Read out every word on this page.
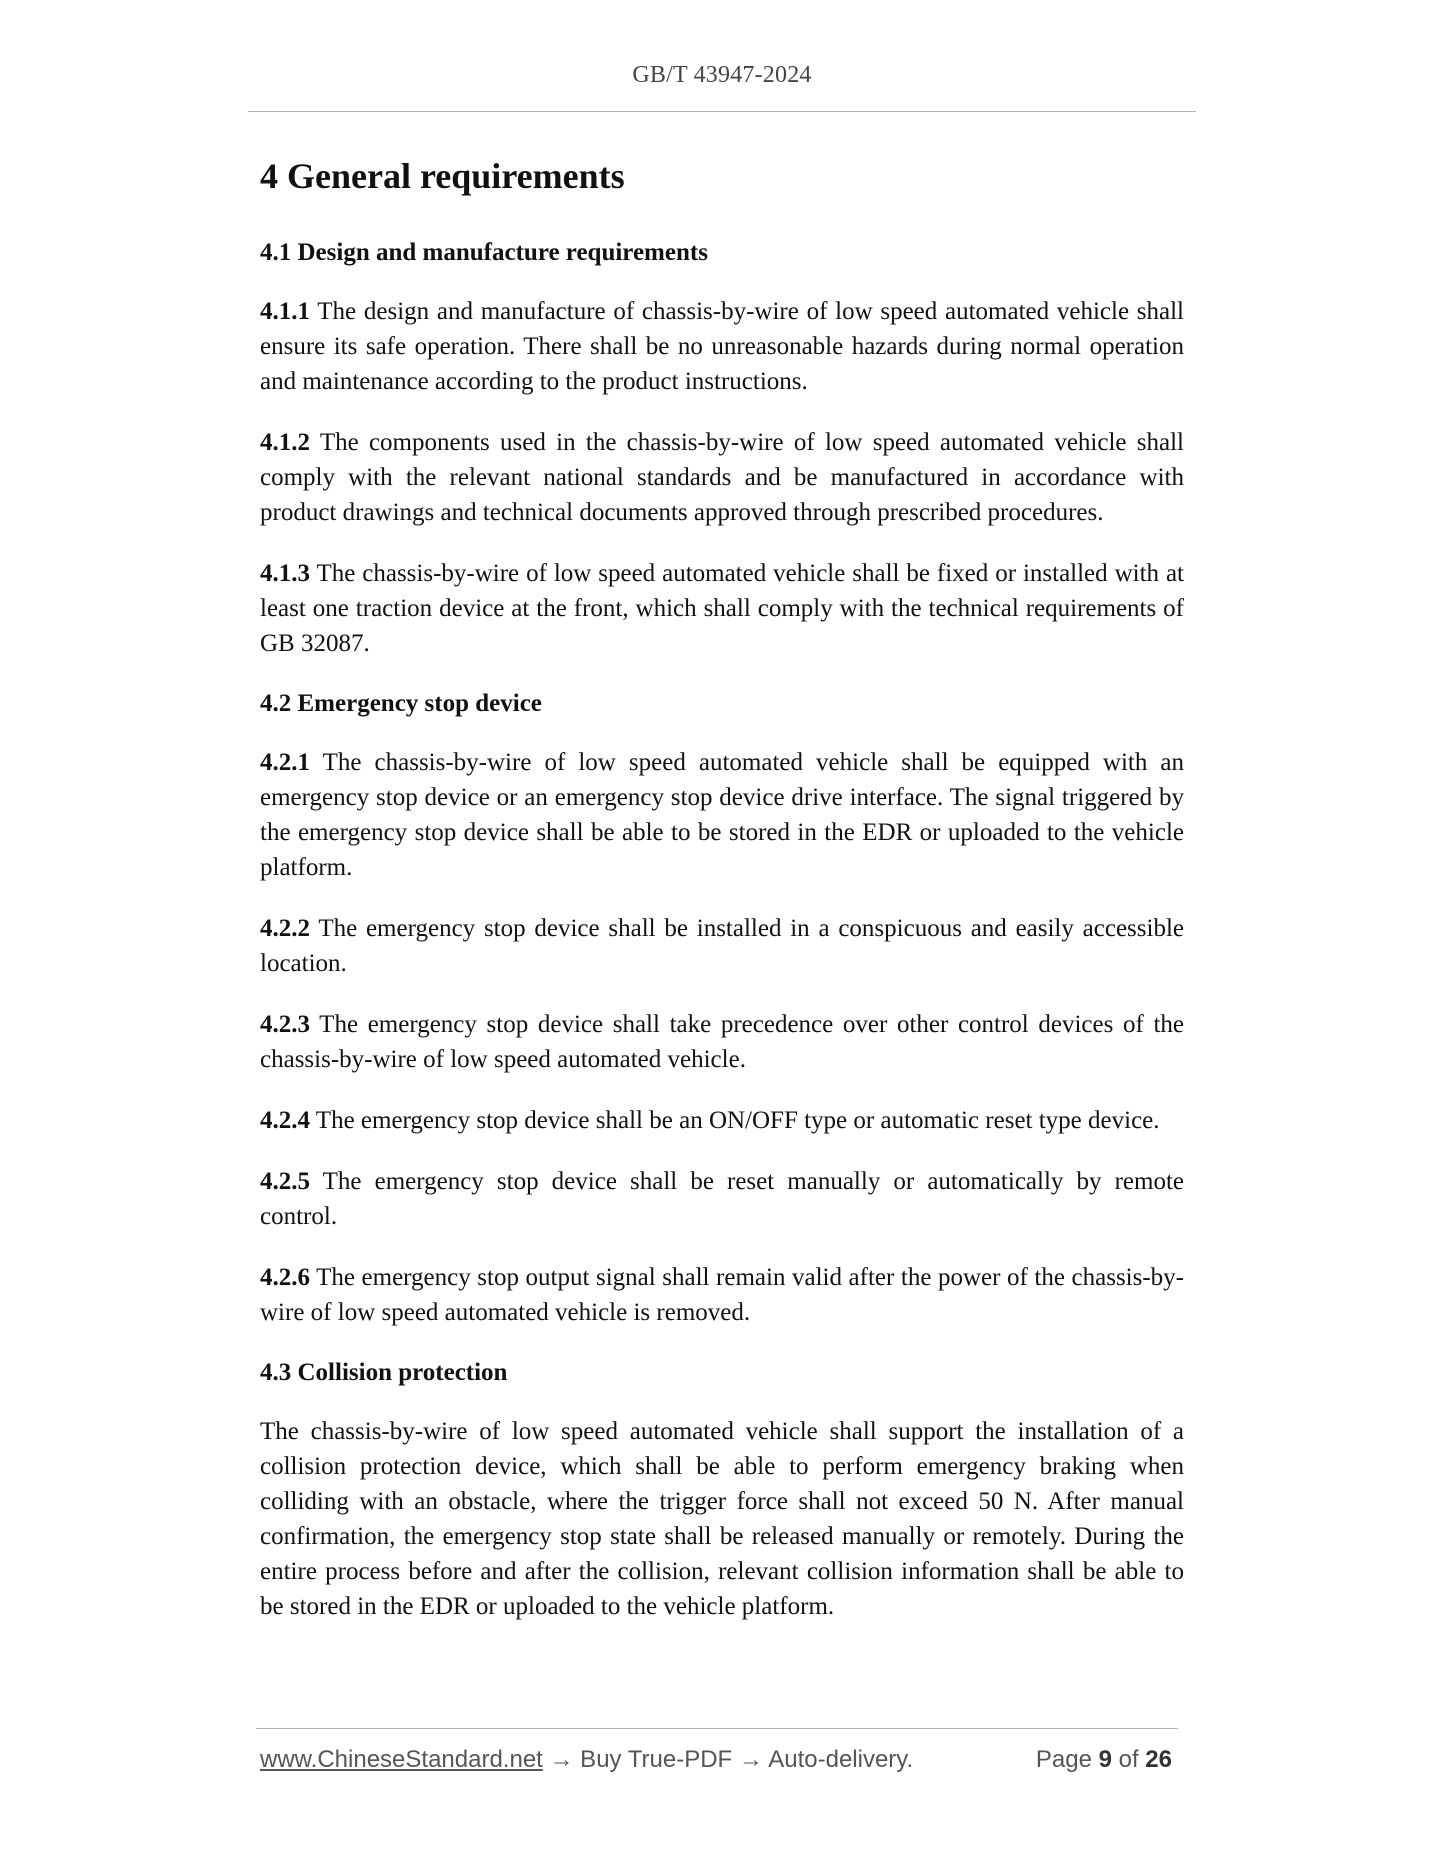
GB/T 43947-2024
4 General requirements
4.1 Design and manufacture requirements

4.1.1 The design and manufacture of chassis-by-wire of low speed automated vehicle shall ensure its safe operation. There shall be no unreasonable hazards during normal operation and maintenance according to the product instructions.

4.1.2 The components used in the chassis-by-wire of low speed automated vehicle shall comply with the relevant national standards and be manufactured in accordance with product drawings and technical documents approved through prescribed procedures.

4.1.3 The chassis-by-wire of low speed automated vehicle shall be fixed or installed with at least one traction device at the front, which shall comply with the technical requirements of GB 32087.

4.2 Emergency stop device

4.2.1 The chassis-by-wire of low speed automated vehicle shall be equipped with an emergency stop device or an emergency stop device drive interface. The signal triggered by the emergency stop device shall be able to be stored in the EDR or uploaded to the vehicle platform.

4.2.2 The emergency stop device shall be installed in a conspicuous and easily accessible location.

4.2.3 The emergency stop device shall take precedence over other control devices of the chassis-by-wire of low speed automated vehicle.

4.2.4 The emergency stop device shall be an ON/OFF type or automatic reset type device.

4.2.5 The emergency stop device shall be reset manually or automatically by remote control.

4.2.6 The emergency stop output signal shall remain valid after the power of the chassis-by-wire of low speed automated vehicle is removed.

4.3 Collision protection

The chassis-by-wire of low speed automated vehicle shall support the installation of a collision protection device, which shall be able to perform emergency braking when colliding with an obstacle, where the trigger force shall not exceed 50 N. After manual confirmation, the emergency stop state shall be released manually or remotely. During the entire process before and after the collision, relevant collision information shall be able to be stored in the EDR or uploaded to the vehicle platform.

www.ChineseStandard.net → Buy True-PDF → Auto-delivery.	Page 9 of 26
